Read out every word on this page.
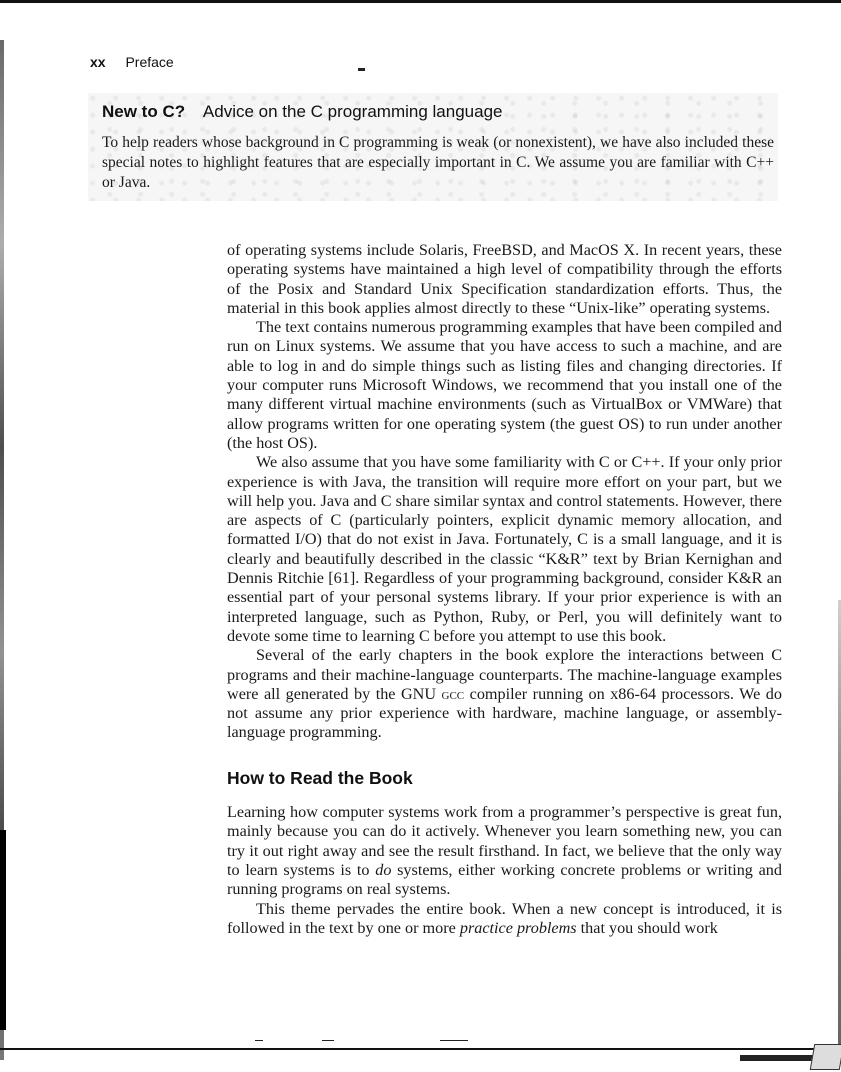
xx Preface
New to C? Advice on the C programming language
To help readers whose background in C programming is weak (or nonexistent), we have also included these special notes to highlight features that are especially important in C. We assume you are familiar with C++ or Java.

of operating systems include Solaris, FreeBSD, and MacOS X. In recent years, these operating systems have maintained a high level of compatibility through the efforts of the Posix and Standard Unix Specification standardization efforts. Thus, the material in this book applies almost directly to these “Unix-like” operating systems.

The text contains numerous programming examples that have been compiled and run on Linux systems. We assume that you have access to such a machine, and are able to log in and do simple things such as listing files and changing directories. If your computer runs Microsoft Windows, we recommend that you install one of the many different virtual machine environments (such as VirtualBox or VMWare) that allow programs written for one operating system (the guest OS) to run under another (the host OS).

We also assume that you have some familiarity with C or C++. If your only prior experience is with Java, the transition will require more effort on your part, but we will help you. Java and C share similar syntax and control statements. However, there are aspects of C (particularly pointers, explicit dynamic memory allocation, and formatted I/O) that do not exist in Java. Fortunately, C is a small language, and it is clearly and beautifully described in the classic “K&R” text by Brian Kernighan and Dennis Ritchie [61]. Regardless of your programming background, consider K&R an essential part of your personal systems library. If your prior experience is with an interpreted language, such as Python, Ruby, or Perl, you will definitely want to devote some time to learning C before you attempt to use this book.

Several of the early chapters in the book explore the interactions between C programs and their machine-language counterparts. The machine-language examples were all generated by the GNU gcc compiler running on x86-64 processors. We do not assume any prior experience with hardware, machine language, or assembly-language programming.

How to Read the Book

Learning how computer systems work from a programmer’s perspective is great fun, mainly because you can do it actively. Whenever you learn something new, you can try it out right away and see the result firsthand. In fact, we believe that the only way to learn systems is to do systems, either working concrete problems or writing and running programs on real systems.

This theme pervades the entire book. When a new concept is introduced, it is followed in the text by one or more practice problems that you should work
